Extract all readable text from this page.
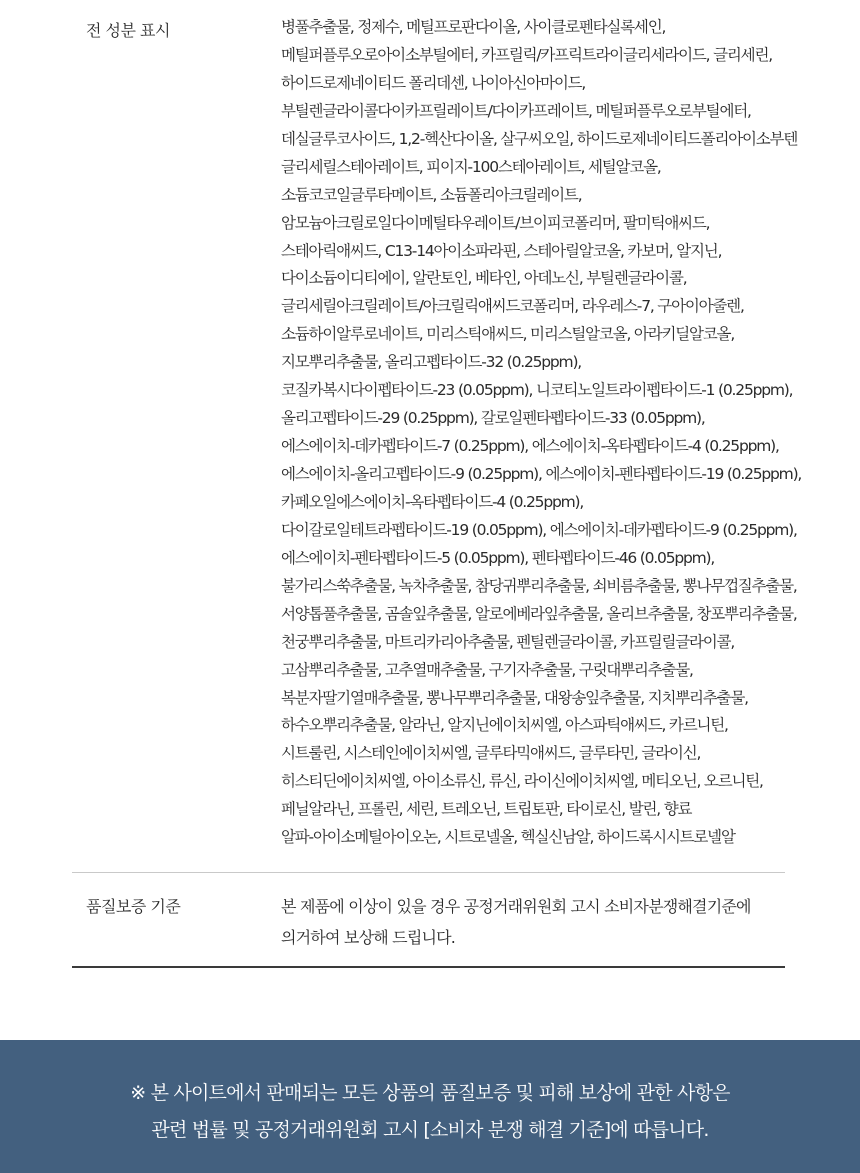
전 성분 표시	병풀추출물, 정제수, 메틸프로판다이올, 사이클로펜타실록세인,
메틸퍼플루오로아이소부틸에터, 카프릴릭/카프릭트라이글리세라이드, 글리세린,
하이드로제네이티드 폴리데센, 나이아신아마이드,
부틸렌글라이콜다이카프릴레이트/다이카프레이트, 메틸퍼플루오로부틸에터,
데실글루코사이드, 1,2-헥산다이올, 살구씨오일, 하이드로제네이티드폴리아이소부텐
글리세릴스테아레이트, 피이지-100스테아레이트, 세틸알코올,
소듐코코일글루타메이트, 소듐폴리아크릴레이트,
암모늄아크릴로일다이메틸타우레이트/브이피코폴리머, 팔미틱애씨드,
스테아릭애씨드, C13-14아이소파라핀, 스테아릴알코올, 카보머, 알지닌,
다이소듐이디티에이, 알란토인, 베타인, 아데노신, 부틸렌글라이콜,
글리세릴아크릴레이트/아크릴릭애씨드코폴리머, 라우레스-7, 구아이아줄렌,
소듐하이알루로네이트, 미리스틱애씨드, 미리스틸알코올, 아라키딜알코올,
지모뿌리추출물, 올리고펩타이드-32 (0.25ppm),
코질카복시다이펩타이드-23 (0.05ppm), 니코티노일트라이펩타이드-1 (0.25ppm),
올리고펩타이드-29 (0.25ppm), 갈로일펜타펩타이드-33 (0.05ppm),
에스에이치-데카펩타이드-7 (0.25ppm), 에스에이치-옥타펩타이드-4 (0.25ppm),
에스에이치-올리고펩타이드-9 (0.25ppm), 에스에이치-펜타펩타이드-19 (0.25ppm),
카페오일에스에이치-옥타펩타이드-4 (0.25ppm),
다이갈로일테트라펩타이드-19 (0.05ppm), 에스에이치-데카펩타이드-9 (0.25ppm),
에스에이치-펜타펩타이드-5 (0.05ppm), 펜타펩타이드-46 (0.05ppm),
불가리스쑥추출물, 녹차추출물, 참당귀뿌리추출물, 쇠비름추출물, 뽕나무껍질추출물,
서양톱풀추출물, 곰솔잎추출물, 알로에베라잎추출물, 올리브추출물, 창포뿌리추출물,
천궁뿌리추출물, 마트리카리아추출물, 펜틸렌글라이콜, 카프릴릴글라이콜,
고삼뿌리추출물, 고추열매추출물, 구기자추출물, 구릿대뿌리추출물,
복분자딸기열매추출물, 뽕나무뿌리추출물, 대왕송잎추출물, 지치뿌리추출물,
하수오뿌리추출물, 알라닌, 알지닌에이치씨엘, 아스파틱애씨드, 카르니틴,
시트룰린, 시스테인에이치씨엘, 글루타믹애씨드, 글루타민, 글라이신,
히스티딘에이치씨엘, 아이소류신, 류신, 라이신에이치씨엘, 메티오닌, 오르니틴,
페닐알라닌, 프롤린, 세린, 트레오닌, 트립토판, 타이로신, 발린, 향료
알파-아이소메틸아이오논, 시트로넬올, 헥실신남알, 하이드록시시트로넬알
품질보증 기준	본 제품에 이상이 있을 경우 공정거래위원회 고시 소비자분쟁해결기준에
의거하여 보상해 드립니다.
※ 본 사이트에서 판매되는 모든 상품의 품질보증 및 피해 보상에 관한 사항은
관련 법률 및 공정거래위원회 고시 [소비자 분쟁 해결 기준]에 따릅니다.
